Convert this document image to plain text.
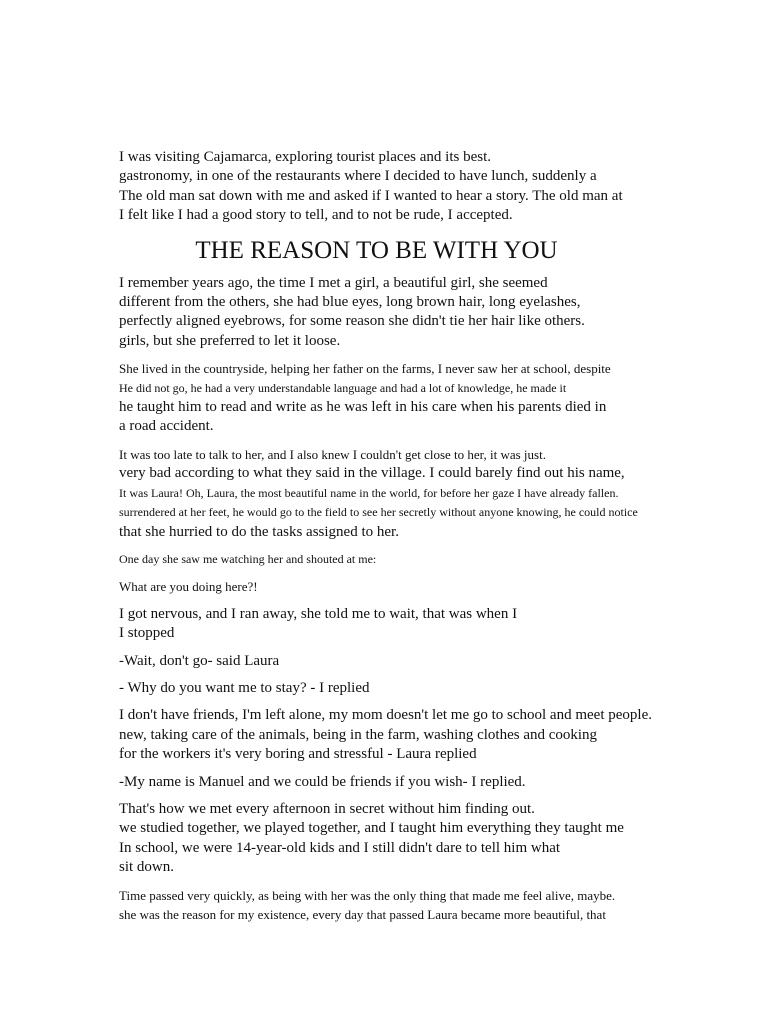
I was visiting Cajamarca, exploring tourist places and its best.
gastronomy, in one of the restaurants where I decided to have lunch, suddenly a
The old man sat down with me and asked if I wanted to hear a story. The old man at
I felt like I had a good story to tell, and to not be rude, I accepted.

THE REASON TO BE WITH YOU

I remember years ago, the time I met a girl, a beautiful girl, she seemed
different from the others, she had blue eyes, long brown hair, long eyelashes,
perfectly aligned eyebrows, for some reason she didn't tie her hair like others.
girls, but she preferred to let it loose.

She lived in the countryside, helping her father on the farms, I never saw her at school, despite
He did not go, he had a very understandable language and had a lot of knowledge, he made it
he taught him to read and write as he was left in his care when his parents died in
a road accident.

It was too late to talk to her, and I also knew I couldn't get close to her, it was just.
very bad according to what they said in the village. I could barely find out his name,
It was Laura! Oh, Laura, the most beautiful name in the world, for before her gaze I have already fallen.
surrendered at her feet, he would go to the field to see her secretly without anyone knowing, he could notice
that she hurried to do the tasks assigned to her.

One day she saw me watching her and shouted at me:

What are you doing here?!

I got nervous, and I ran away, she told me to wait, that was when I
I stopped

-Wait, don't go- said Laura

- Why do you want me to stay? - I replied

I don't have friends, I'm left alone, my mom doesn't let me go to school and meet people.
new, taking care of the animals, being in the farm, washing clothes and cooking
for the workers it's very boring and stressful - Laura replied

-My name is Manuel and we could be friends if you wish- I replied.

That's how we met every afternoon in secret without him finding out.
we studied together, we played together, and I taught him everything they taught me
In school, we were 14-year-old kids and I still didn't dare to tell him what
sit down.

Time passed very quickly, as being with her was the only thing that made me feel alive, maybe.
she was the reason for my existence, every day that passed Laura became more beautiful, that
